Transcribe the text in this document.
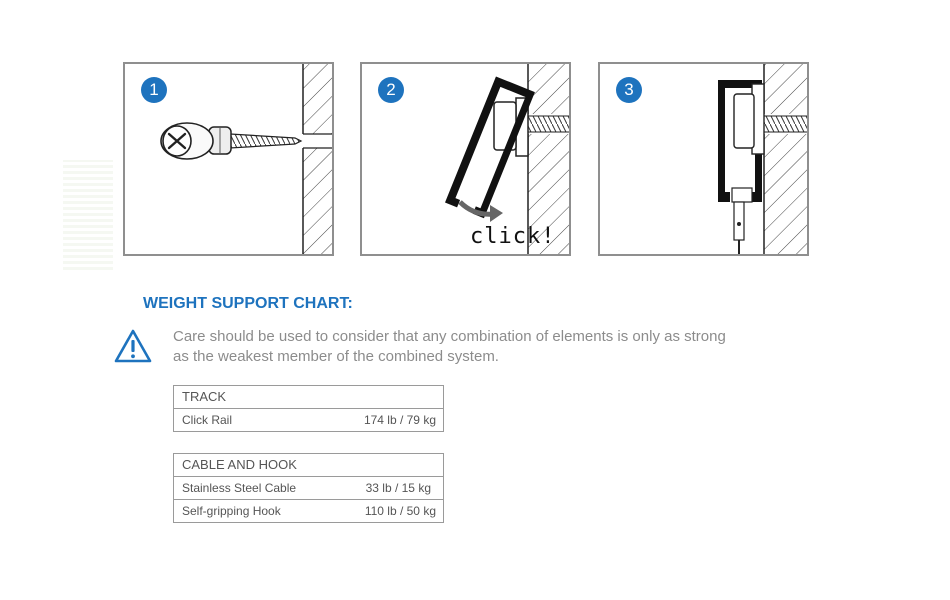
1	2
click!
3
WEIGHT SUPPORT CHART:

Care should be used to consider that any combination of elements is only as strong
as the weakest member of the combined system.

TRACK
Click Rail	174 lb / 79 kg
CABLE AND HOOK
Stainless Steel Cable	33 lb / 15 kg
Self-gripping Hook	110 lb / 50 kg
